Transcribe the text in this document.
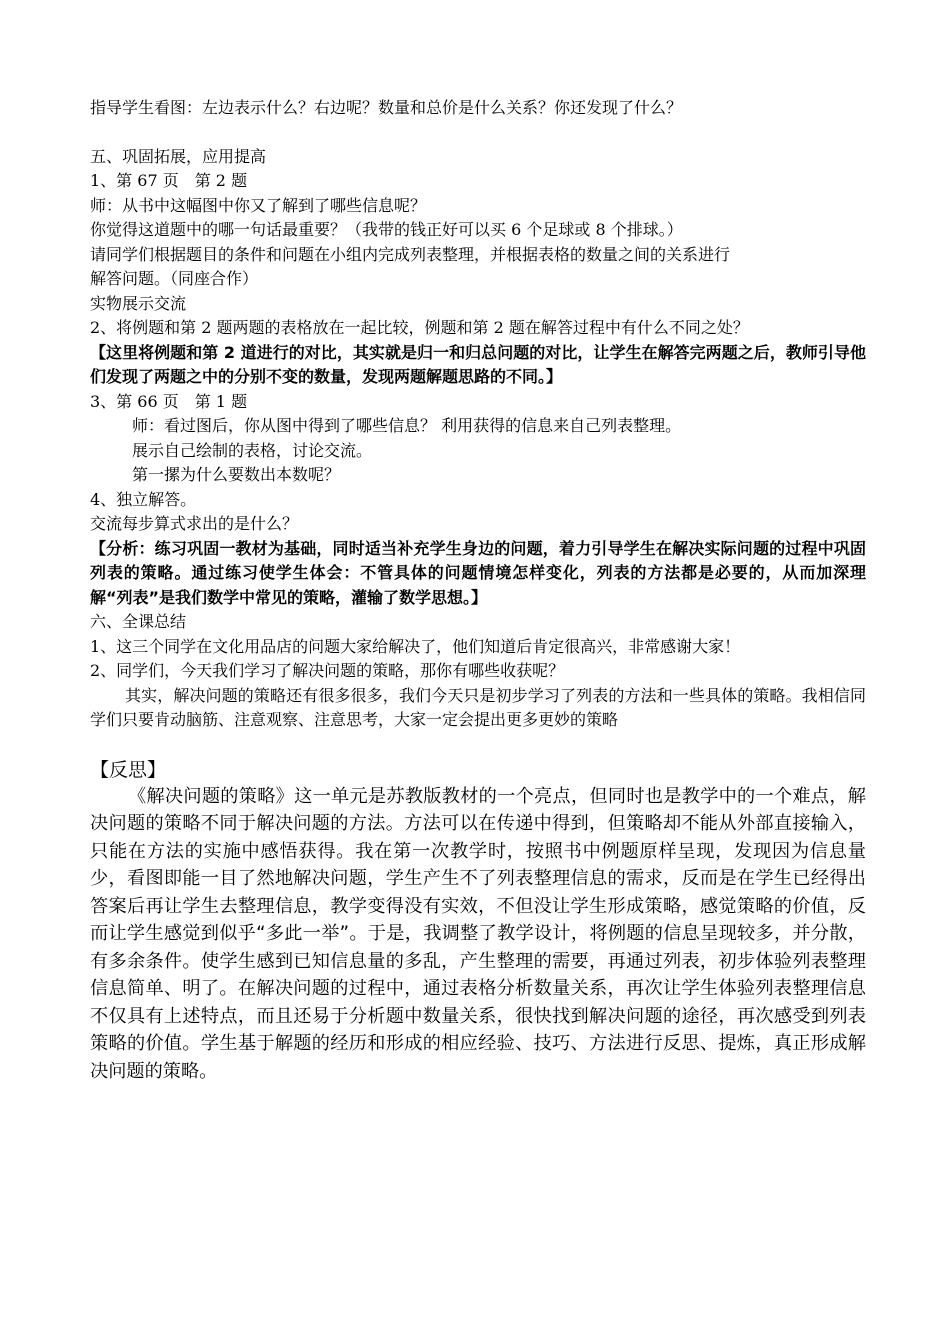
指导学生看图：左边表示什么？右边呢？数量和总价是什么关系？你还发现了什么？
五、巩固拓展，应用提高
1、第 67 页　第 2 题
师：从书中这幅图中你又了解到了哪些信息呢？
你觉得这道题中的哪一句话最重要？（我带的钱正好可以买 6 个足球或 8 个排球。）
请同学们根据题目的条件和问题在小组内完成列表整理，并根据表格的数量之间的关系进行
解答问题。（同座合作）
实物展示交流
2、将例题和第 2 题两题的表格放在一起比较，例题和第 2 题在解答过程中有什么不同之处？
【这里将例题和第 2 道进行的对比，其实就是归一和归总问题的对比，让学生在解答完两题之后，教师引导他们发现了两题之中的分别不变的数量，发现两题解题思路的不同。】
3、第 66 页　第 1 题
师：看过图后，你从图中得到了哪些信息？ 利用获得的信息来自己列表整理。
展示自己绘制的表格，讨论交流。
第一摞为什么要数出本数呢？
4、独立解答。
交流每步算式求出的是什么？
【分析：练习巩固一教材为基础，同时适当补充学生身边的问题，着力引导学生在解决实际问题的过程中巩固列表的策略。通过练习使学生体会：不管具体的问题情境怎样变化，列表的方法都是必要的，从而加深理解“列表”是我们数学中常见的策略，灌输了数学思想。】
六、全课总结
1、这三个同学在文化用品店的问题大家给解决了，他们知道后肯定很高兴，非常感谢大家！
2、同学们，今天我们学习了解决问题的策略，那你有哪些收获呢？
其实，解决问题的策略还有很多很多，我们今天只是初步学习了列表的方法和一些具体的策略。我相信同学们只要肯动脑筋、注意观察、注意思考，大家一定会提出更多更妙的策略
【反思】
《解决问题的策略》这一单元是苏教版教材的一个亮点，但同时也是教学中的一个难点，解决问题的策略不同于解决问题的方法。方法可以在传递中得到，但策略却不能从外部直接输入，只能在方法的实施中感悟获得。我在第一次教学时，按照书中例题原样呈现，发现因为信息量少，看图即能一目了然地解决问题，学生产生不了列表整理信息的需求，反而是在学生已经得出答案后再让学生去整理信息，教学变得没有实效，不但没让学生形成策略，感觉策略的价值，反而让学生感觉到似乎“多此一举”。于是，我调整了教学设计，将例题的信息呈现较多，并分散，有多余条件。使学生感到已知信息量的多乱，产生整理的需要，再通过列表，初步体验列表整理信息简单、明了。在解决问题的过程中，通过表格分析数量关系，再次让学生体验列表整理信息不仅具有上述特点，而且还易于分析题中数量关系，很快找到解决问题的途径，再次感受到列表策略的价值。学生基于解题的经历和形成的相应经验、技巧、方法进行反思、提炼，真正形成解决问题的策略。
